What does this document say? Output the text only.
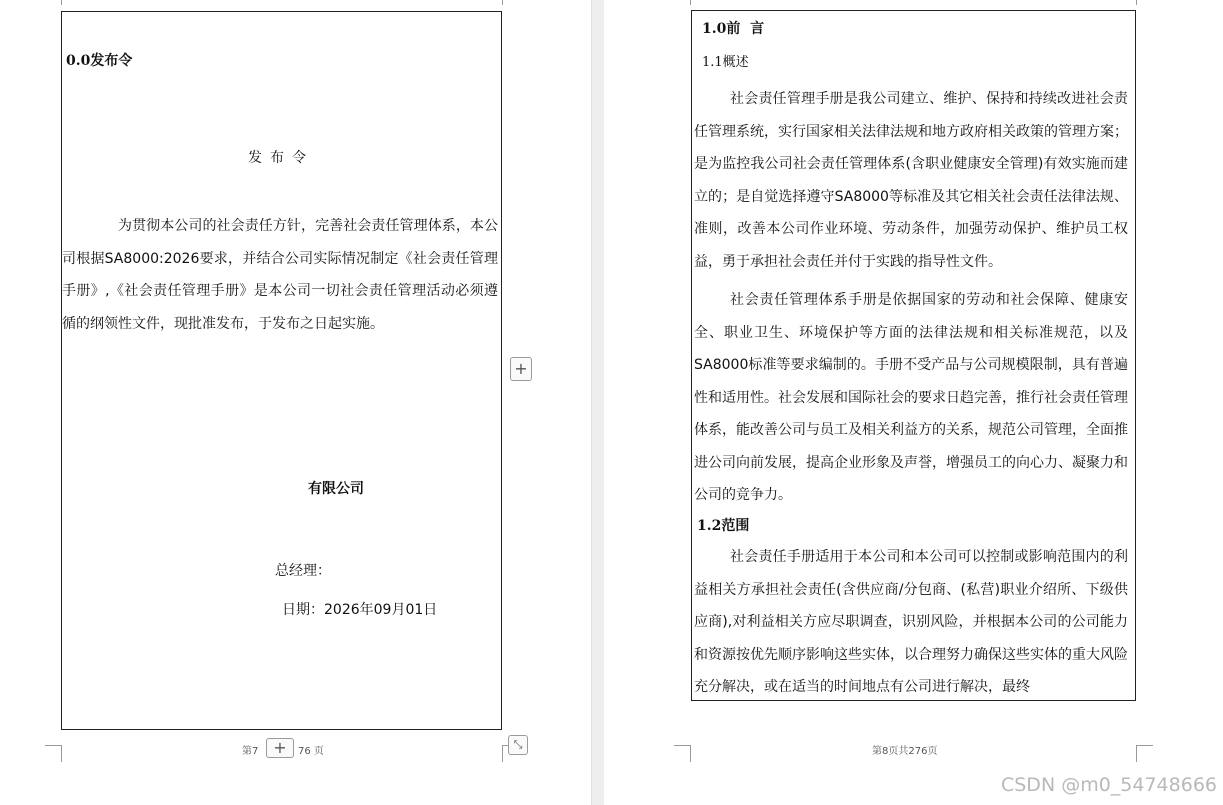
0.0发布令
发布令
为贯彻本公司的社会责任方针，完善社会责任管理体系，本公司根据SA8000:2026要求，并结合公司实际情况制定《社会责任管理手册》,《社会责任管理手册》是本公司一切社会责任管理活动必须遵循的纲领性文件，现批准发布，于发布之日起实施。
有限公司
总经理：
日期：2026年09月01日
第7 + 76 页
+
⤡
1.0前  言
1.1概述
社会责任管理手册是我公司建立、维护、保持和持续改进社会责任管理系统，实行国家相关法律法规和地方政府相关政策的管理方案；是为监控我公司社会责任管理体系(含职业健康安全管理)有效实施而建立的；是自觉选择遵守SA8000等标准及其它相关社会责任法律法规、准则，改善本公司作业环境、劳动条件，加强劳动保护、维护员工权益，勇于承担社会责任并付于实践的指导性文件。
社会责任管理体系手册是依据国家的劳动和社会保障、健康安全、职业卫生、环境保护等方面的法律法规和相关标准规范，以及SA8000标准等要求编制的。手册不受产品与公司规模限制，具有普遍性和适用性。社会发展和国际社会的要求日趋完善，推行社会责任管理体系，能改善公司与员工及相关利益方的关系，规范公司管理，全面推进公司向前发展，提高企业形象及声誉，增强员工的向心力、凝聚力和公司的竞争力。
1.2范围
社会责任手册适用于本公司和本公司可以控制或影响范围内的利益相关方承担社会责任(含供应商/分包商、(私营)职业介绍所、下级供应商),对利益相关方应尽职调查，识别风险，并根据本公司的公司能力和资源按优先顺序影响这些实体，以合理努力确保这些实体的重大风险充分解决，或在适当的时间地点有公司进行解决，最终
第8页共276页
CSDN @m0_54748666
